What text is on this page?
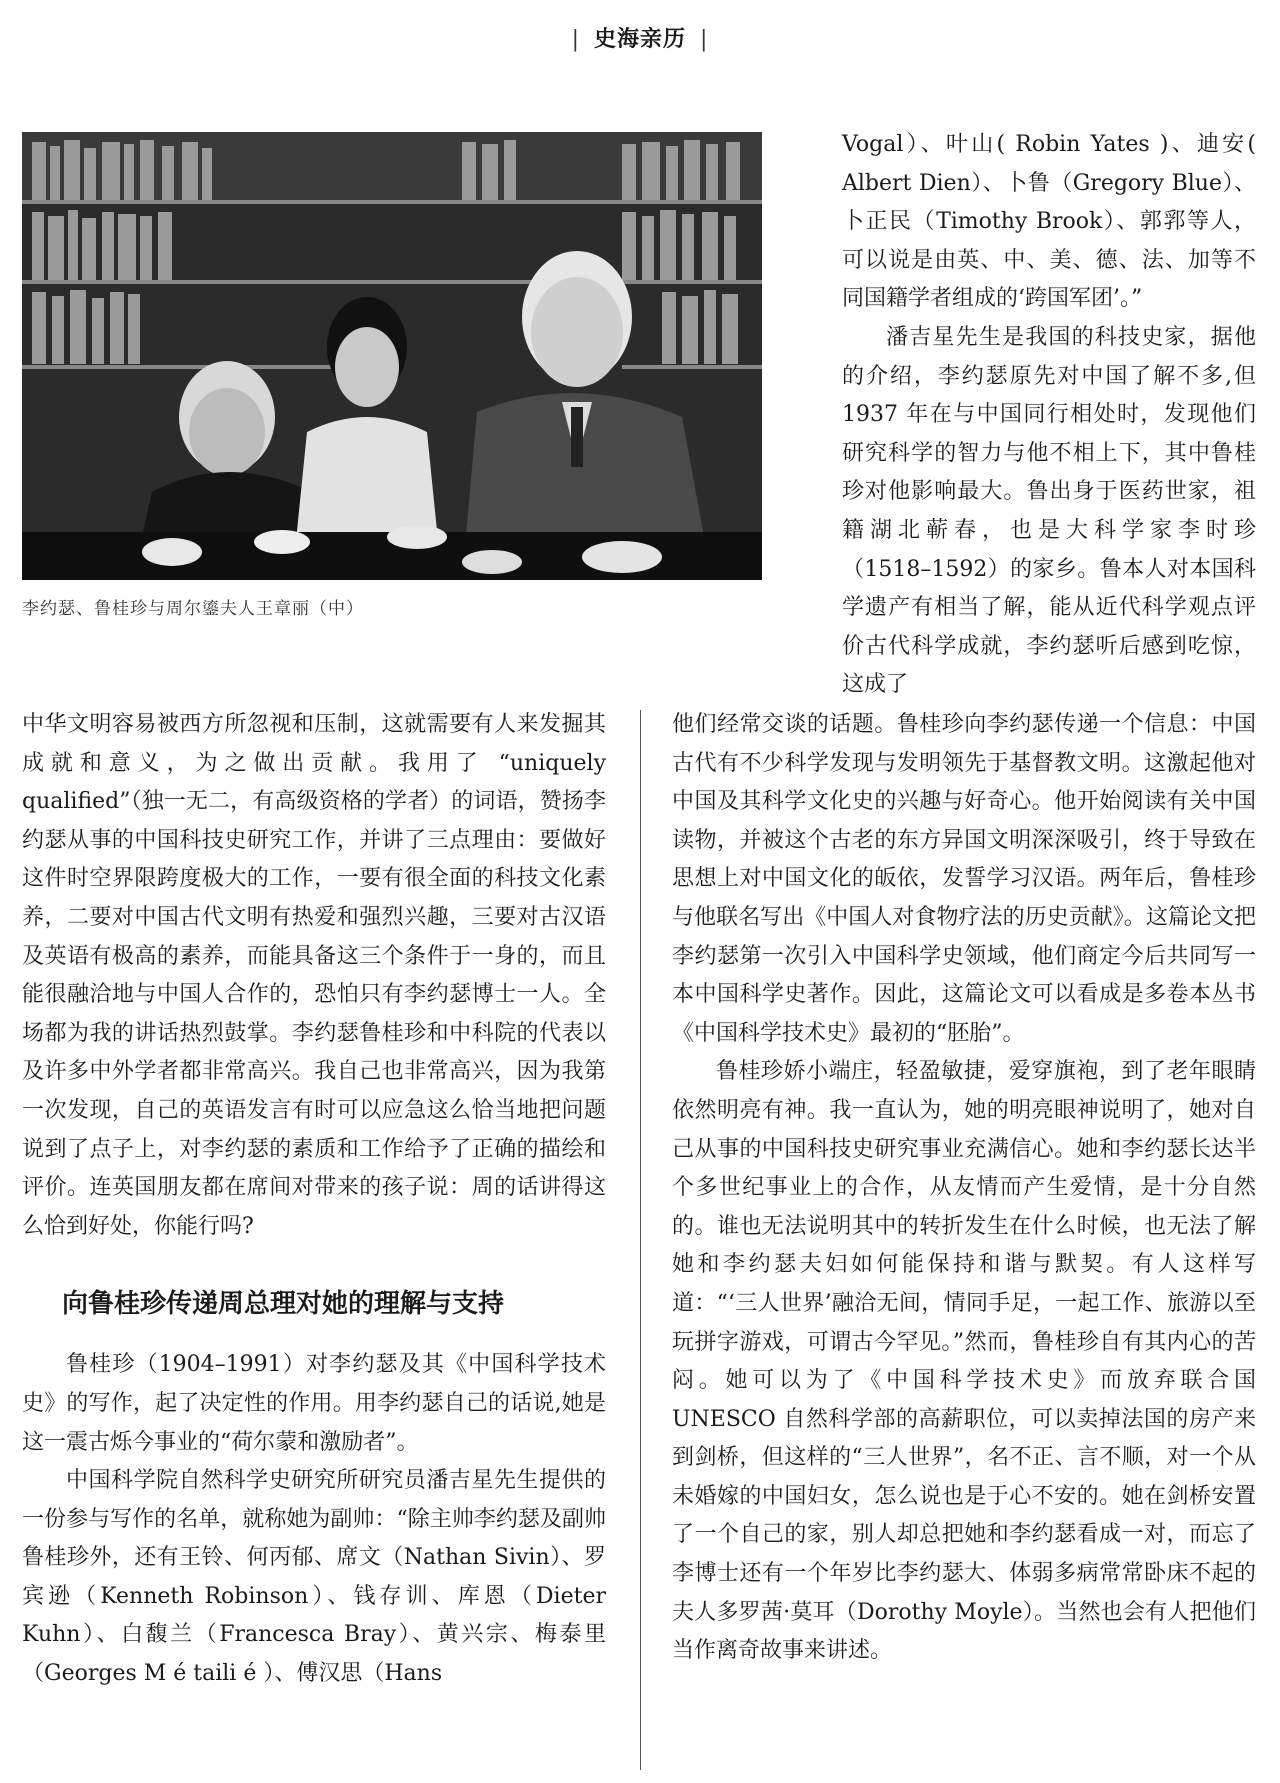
| 史海亲历 |
李约瑟、鲁桂珍与周尔鎏夫人王章丽（中）

Vogal）、叶山( Robin Yates )、迪安( Albert Dien）、卜鲁（Gregory Blue）、卜正民（Timothy Brook）、郭郛等人，可以说是由英、中、美、德、法、加等不同国籍学者组成的‘跨国军团’。”

潘吉星先生是我国的科技史家，据他的介绍，李约瑟原先对中国了解不多,但 1937 年在与中国同行相处时，发现他们研究科学的智力与他不相上下，其中鲁桂珍对他影响最大。鲁出身于医药世家，祖籍湖北蕲春，也是大科学家李时珍（1518–1592）的家乡。鲁本人对本国科学遗产有相当了解，能从近代科学观点评价古代科学成就，李约瑟听后感到吃惊，这成了

中华文明容易被西方所忽视和压制，这就需要有人来发掘其成就和意义，为之做出贡献。我用了 “uniquely qualified”（独一无二，有高级资格的学者）的词语，赞扬李约瑟从事的中国科技史研究工作，并讲了三点理由：要做好这件时空界限跨度极大的工作，一要有很全面的科技文化素养，二要对中国古代文明有热爱和强烈兴趣，三要对古汉语及英语有极高的素养，而能具备这三个条件于一身的，而且能很融洽地与中国人合作的，恐怕只有李约瑟博士一人。全场都为我的讲话热烈鼓掌。李约瑟鲁桂珍和中科院的代表以及许多中外学者都非常高兴。我自己也非常高兴，因为我第一次发现，自己的英语发言有时可以应急这么恰当地把问题说到了点子上，对李约瑟的素质和工作给予了正确的描绘和评价。连英国朋友都在席间对带来的孩子说：周的话讲得这么恰到好处，你能行吗?

向鲁桂珍传递周总理对她的理解与支持

鲁桂珍（1904–1991）对李约瑟及其《中国科学技术史》的写作，起了决定性的作用。用李约瑟自己的话说,她是这一震古烁今事业的“荷尔蒙和激励者”。

中国科学院自然科学史研究所研究员潘吉星先生提供的一份参与写作的名单，就称她为副帅：“除主帅李约瑟及副帅鲁桂珍外，还有王铃、何丙郁、席文（Nathan Sivin）、罗宾逊（Kenneth Robinson）、钱存训、库恩（Dieter Kuhn）、白馥兰（Francesca Bray）、黄兴宗、梅泰里（Georges M é taili é ）、傅汉思（Hans

他们经常交谈的话题。鲁桂珍向李约瑟传递一个信息：中国古代有不少科学发现与发明领先于基督教文明。这激起他对中国及其科学文化史的兴趣与好奇心。他开始阅读有关中国读物，并被这个古老的东方异国文明深深吸引，终于导致在思想上对中国文化的皈依，发誓学习汉语。两年后，鲁桂珍与他联名写出《中国人对食物疗法的历史贡献》。这篇论文把李约瑟第一次引入中国科学史领域，他们商定今后共同写一本中国科学史著作。因此，这篇论文可以看成是多卷本丛书《中国科学技术史》最初的“胚胎”。

鲁桂珍娇小端庄，轻盈敏捷，爱穿旗袍，到了老年眼睛依然明亮有神。我一直认为，她的明亮眼神说明了，她对自己从事的中国科技史研究事业充满信心。她和李约瑟长达半个多世纪事业上的合作，从友情而产生爱情，是十分自然的。谁也无法说明其中的转折发生在什么时候，也无法了解她和李约瑟夫妇如何能保持和谐与默契。有人这样写道：“‘三人世界’融洽无间，情同手足，一起工作、旅游以至玩拼字游戏，可谓古今罕见。”然而，鲁桂珍自有其内心的苦闷。她可以为了《中国科学技术史》而放弃联合国 UNESCO 自然科学部的高薪职位，可以卖掉法国的房产来到剑桥，但这样的“三人世界”，名不正、言不顺，对一个从未婚嫁的中国妇女，怎么说也是于心不安的。她在剑桥安置了一个自己的家，别人却总把她和李约瑟看成一对，而忘了李博士还有一个年岁比李约瑟大、体弱多病常常卧床不起的夫人多罗茜·莫耳（Dorothy Moyle）。当然也会有人把他们当作离奇故事来讲述。
